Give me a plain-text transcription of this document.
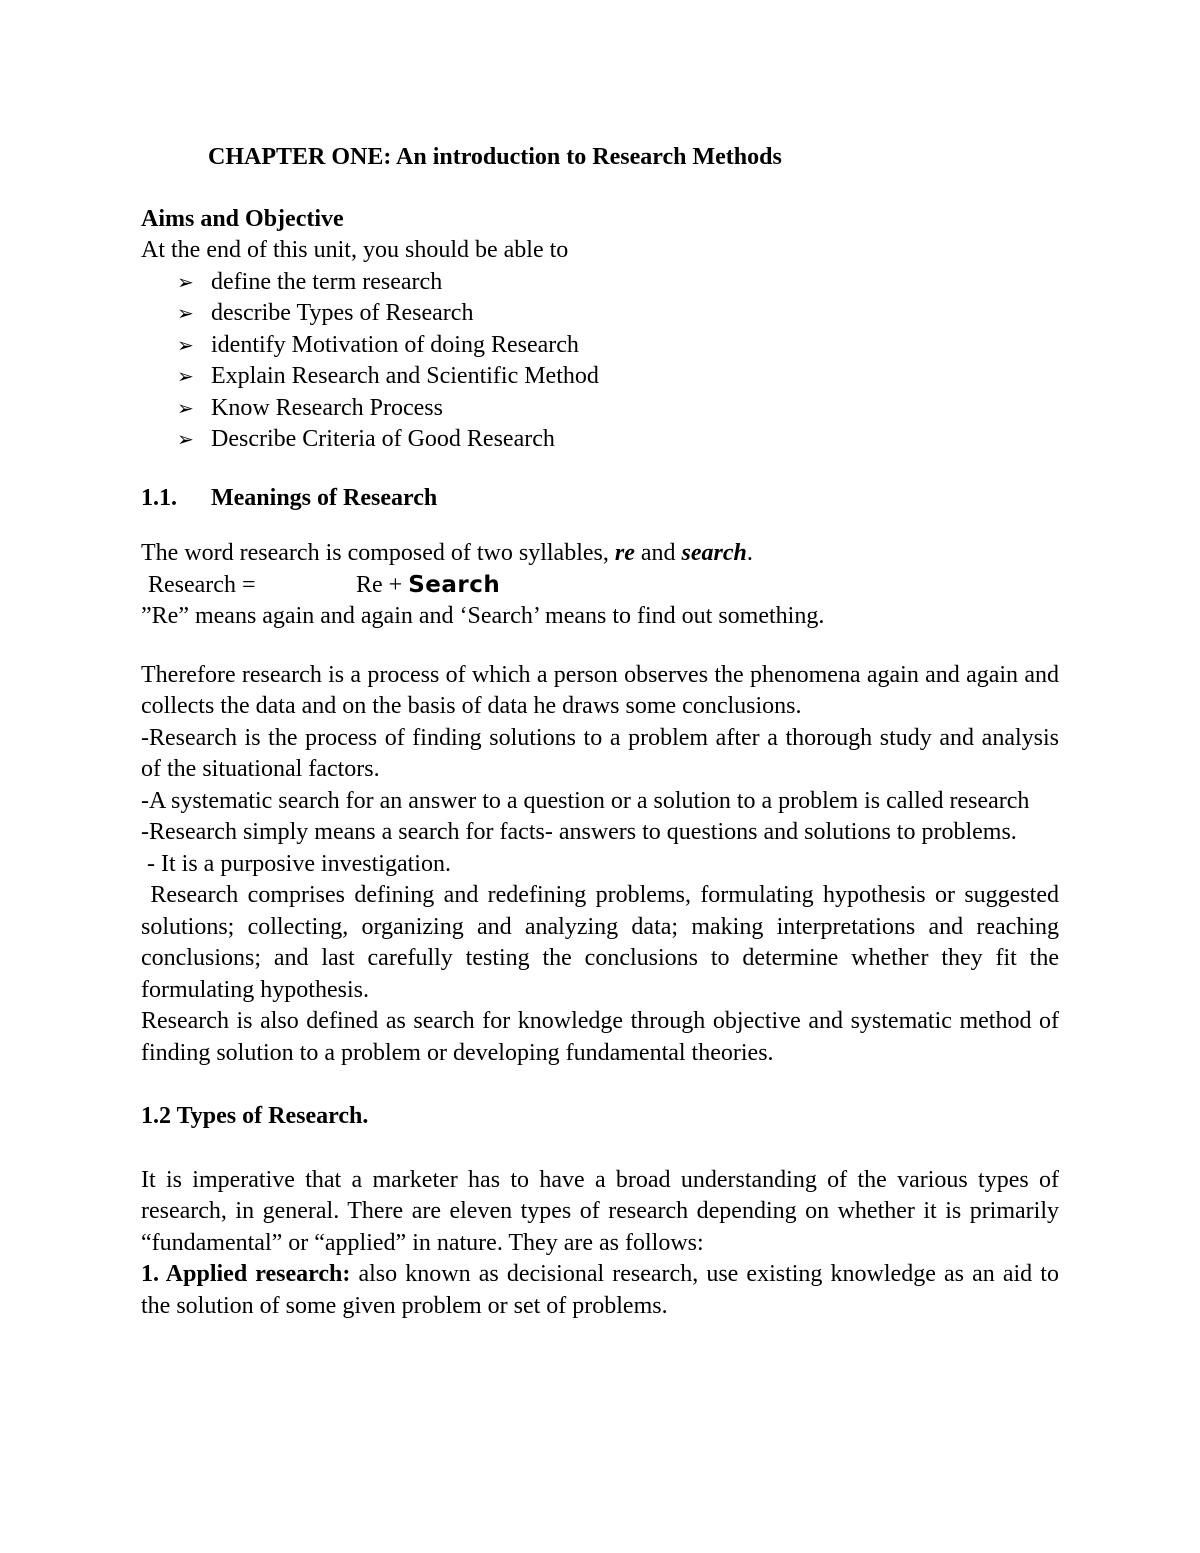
CHAPTER ONE: An introduction to Research Methods
Aims and Objective

At the end of this unit, you should be able to

➢ define the term research
➢ describe Types of Research
➢ identify Motivation of doing Research
➢ Explain Research and Scientific Method
➢ Know Research Process
➢ Describe Criteria of Good Research
1.1. Meanings of Research

The word research is composed of two syllables, re and search.

Research =	Re + Search

”Re” means again and again and ‘Search’ means to find out something.

Therefore research is a process of which a person observes the phenomena again and again and collects the data and on the basis of data he draws some conclusions.

-Research is the process of finding solutions to a problem after a thorough study and analysis of the situational factors.

-A systematic search for an answer to a question or a solution to a problem is called research

-Research simply means a search for facts- answers to questions and solutions to problems.

- It is a purposive investigation.

Research comprises defining and redefining problems, formulating hypothesis or suggested solutions; collecting, organizing and analyzing data; making interpretations and reaching conclusions; and last carefully testing the conclusions to determine whether they fit the formulating hypothesis.

Research is also defined as search for knowledge through objective and systematic method of finding solution to a problem or developing fundamental theories.

1.2 Types of Research.

It is imperative that a marketer has to have a broad understanding of the various types of research, in general. There are eleven types of research depending on whether it is primarily “fundamental” or “applied” in nature. They are as follows:

1. Applied research: also known as decisional research, use existing knowledge as an aid to the solution of some given problem or set of problems.
